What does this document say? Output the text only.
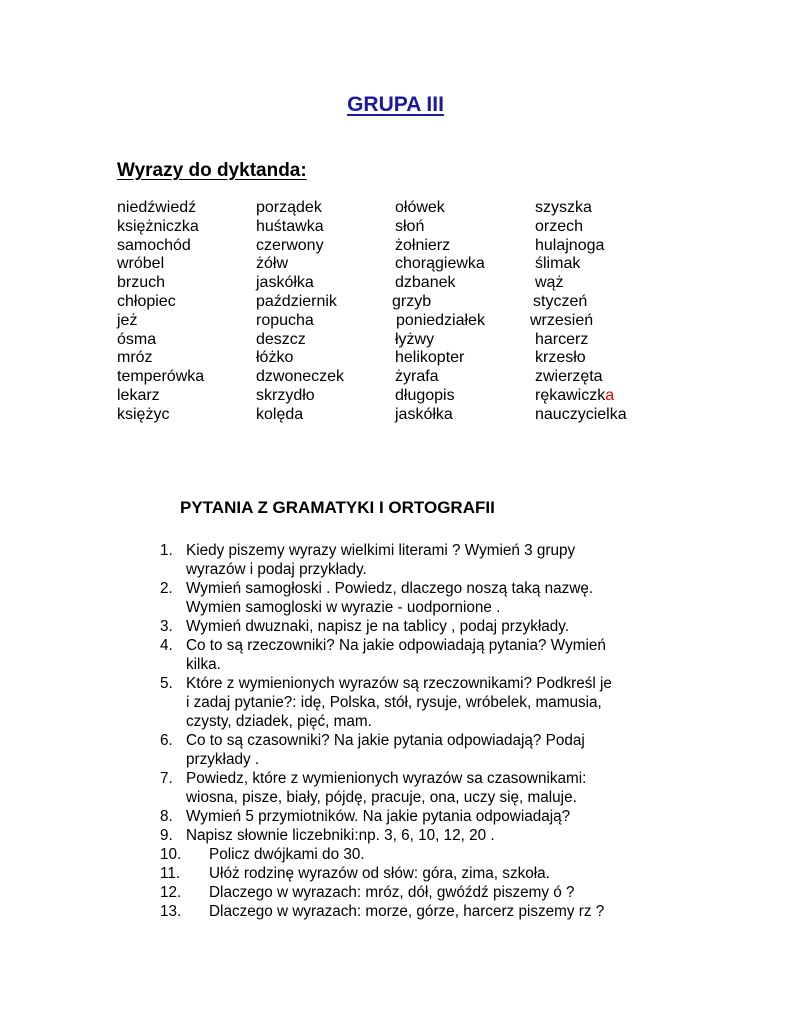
GRUPA III
Wyrazy do dyktanda:
niedźwiedź
księżniczka
samochód
wróbel
brzuch
chłopiec
jeż
ósma
mróz
temperówka
lekarz
księżyc
porządek
huśtawka
czerwony
żółw
jaskółka
październik
ropucha
deszcz
łóżko
dzwoneczek
skrzydło
kolęda
ołówek
słoń
żołnierz
chorągiewka
dzbanek
grzyb
poniedziałek
łyżwy
helikopter
żyrafa
długopis
jaskółka
szyszka
orzech
hulajnoga
ślimak
wąż
styczeń
wrzesień
harcerz
krzesło
zwierzęta
rękawiczka
nauczycielka
PYTANIA Z GRAMATYKI I ORTOGRAFII
1. Kiedy piszemy wyrazy wielkimi literami ? Wymień 3 grupy
wyrazów i podaj przykłady.
2. Wymień samogłoski . Powiedz, dlaczego noszą taką nazwę.
Wymien samogloski w wyrazie - uodpornione .
3. Wymień dwuznaki, napisz je na tablicy , podaj przykłady.
4. Co to są rzeczowniki? Na jakie odpowiadają pytania? Wymień
kilka.
5. Które z wymienionych wyrazów są rzeczownikami? Podkreśl je
i zadaj pytanie?: idę, Polska, stół, rysuje, wróbelek, mamusia,
czysty, dziadek, pięć, mam.
6. Co to są czasowniki? Na jakie pytania odpowiadają? Podaj
przykłady .
7. Powiedz, które z wymienionych wyrazów sa czasownikami:
wiosna, pisze, biały, pójdę, pracuje, ona, uczy się, maluje.
8. Wymień 5 przymiotników. Na jakie pytania odpowiadają?
9. Napisz słownie liczebniki:np. 3, 6, 10, 12, 20 .
10. Policz dwójkami do 30.
11. Ułóż rodzinę wyrazów od słów: góra, zima, szkoła.
12. Dlaczego w wyrazach: mróz, dół, gwóźdź piszemy ó ?
13. Dlaczego w wyrazach: morze, górze, harcerz piszemy rz ?
